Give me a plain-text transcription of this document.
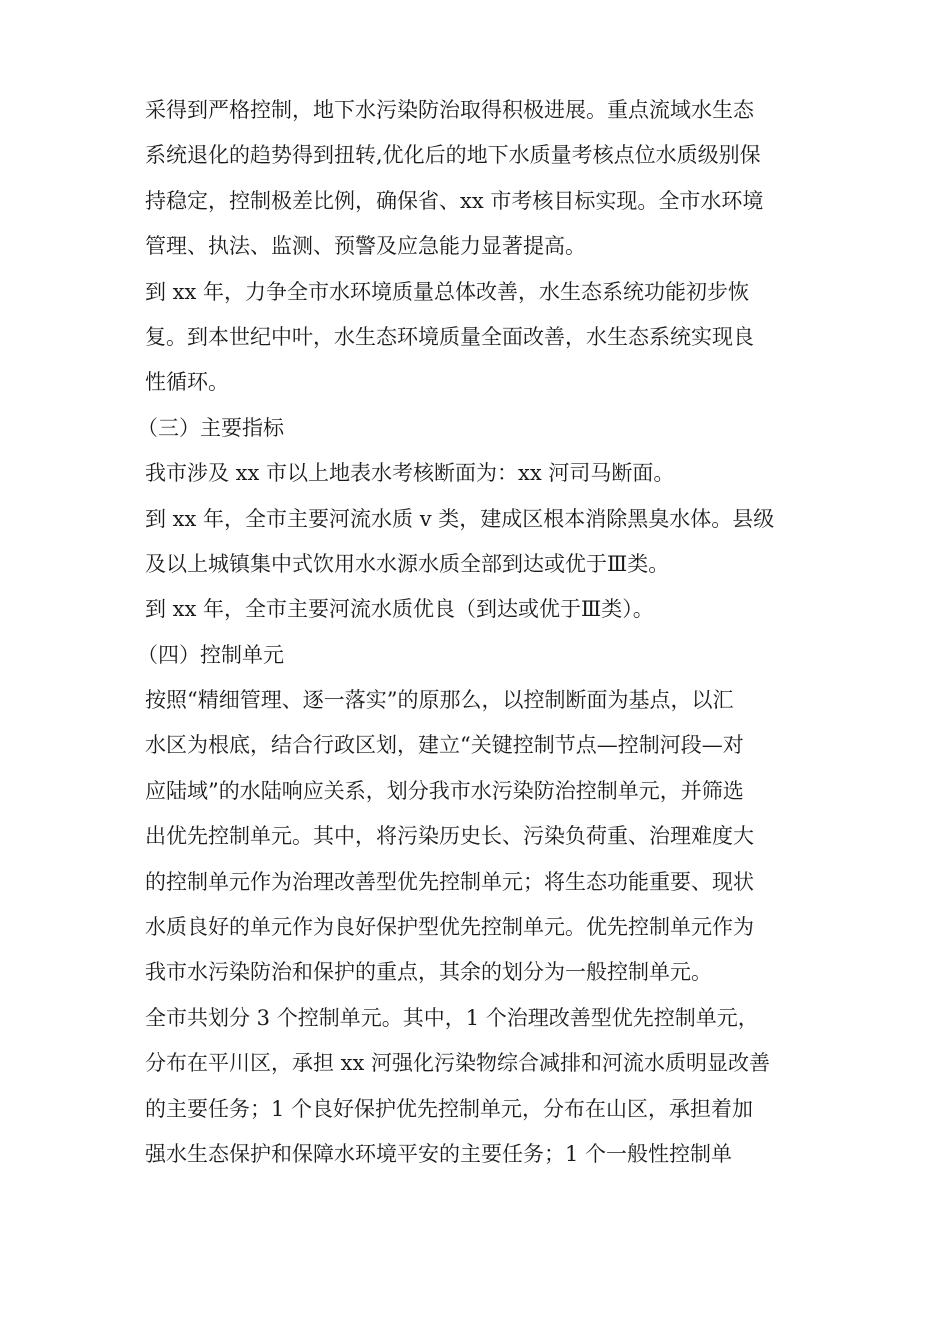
采得到严格控制，地下水污染防治取得积极进展。重点流域水生态
系统退化的趋势得到扭转,优化后的地下水质量考核点位水质级别保
持稳定，控制极差比例，确保省、xx 市考核目标实现。全市水环境
管理、执法、监测、预警及应急能力显著提高。
到 xx 年，力争全市水环境质量总体改善，水生态系统功能初步恢
复。到本世纪中叶，水生态环境质量全面改善，水生态系统实现良
性循环。
（三）主要指标
我市涉及 xx 市以上地表水考核断面为：xx 河司马断面。
到 xx 年，全市主要河流水质 v 类，建成区根本消除黑臭水体。县级
及以上城镇集中式饮用水水源水质全部到达或优于Ⅲ类。
到 xx 年，全市主要河流水质优良（到达或优于Ⅲ类）。
（四）控制单元
按照“精细管理、逐一落实”的原那么，以控制断面为基点，以汇
水区为根底，结合行政区划，建立“关键控制节点—控制河段—对
应陆域”的水陆响应关系，划分我市水污染防治控制单元，并筛选
出优先控制单元。其中，将污染历史长、污染负荷重、治理难度大
的控制单元作为治理改善型优先控制单元；将生态功能重要、现状
水质良好的单元作为良好保护型优先控制单元。优先控制单元作为
我市水污染防治和保护的重点，其余的划分为一般控制单元。
全市共划分 3 个控制单元。其中，1 个治理改善型优先控制单元，
分布在平川区，承担 xx 河强化污染物综合减排和河流水质明显改善
的主要任务；1 个良好保护优先控制单元，分布在山区，承担着加
强水生态保护和保障水环境平安的主要任务；1 个一般性控制单
